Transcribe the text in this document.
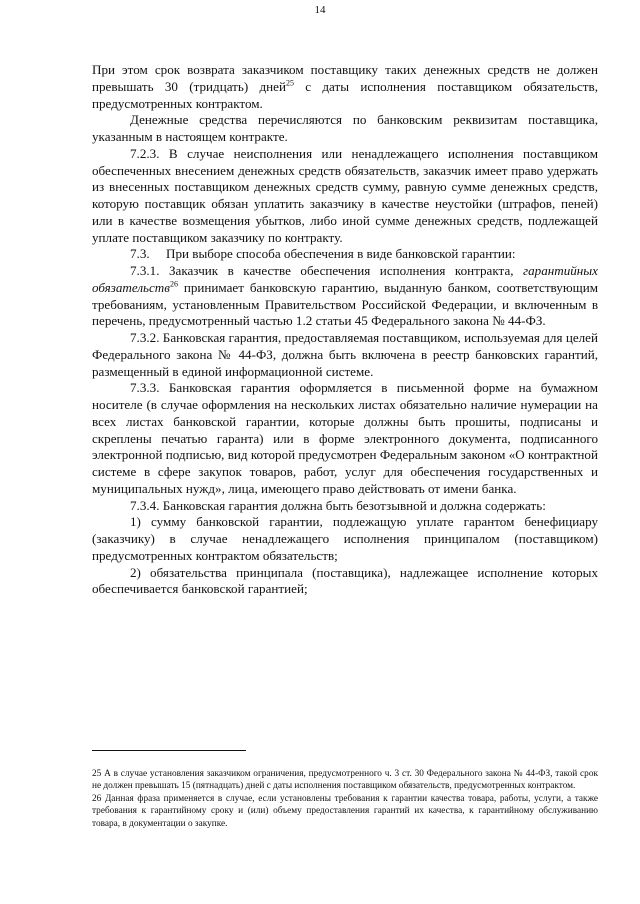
14

При этом срок возврата заказчиком поставщику таких денежных средств не должен превышать 30 (тридцать) дней$^{25}$ с даты исполнения поставщиком обязательств, предусмотренных контрактом.

Денежные средства перечисляются по банковским реквизитам поставщика, указанным в настоящем контракте.

7.2.3. В случае неисполнения или ненадлежащего исполнения поставщиком обеспеченных внесением денежных средств обязательств, заказчик имеет право удержать из внесенных поставщиком денежных средств сумму, равную сумме денежных средств, которую поставщик обязан уплатить заказчику в качестве неустойки (штрафов, пеней) или в качестве возмещения убытков, либо иной сумме денежных средств, подлежащей уплате поставщиком заказчику по контракту.

7.3.     При выборе способа обеспечения в виде банковской гарантии:

7.3.1. Заказчик в качестве обеспечения исполнения контракта, гарантийных обязательств$^{26}$ принимает банковскую гарантию, выданную банком, соответствующим требованиям, установленным Правительством Российской Федерации, и включенным в перечень, предусмотренный частью 1.2 статьи 45 Федерального закона № 44-ФЗ.

7.3.2. Банковская гарантия, предоставляемая поставщиком, используемая для целей Федерального закона № 44-ФЗ, должна быть включена в реестр банковских гарантий, размещенный в единой информационной системе.

7.3.3. Банковская гарантия оформляется в письменной форме на бумажном носителе (в случае оформления на нескольких листах обязательно наличие нумерации на всех листах банковской гарантии, которые должны быть прошиты, подписаны и скреплены печатью гаранта) или в форме электронного документа, подписанного электронной подписью, вид которой предусмотрен Федеральным законом «О контрактной системе в сфере закупок товаров, работ, услуг для обеспечения государственных и муниципальных нужд», лица, имеющего право действовать от имени банка.

7.3.4. Банковская гарантия должна быть безотзывной и должна содержать:

1) сумму банковской гарантии, подлежащую уплате гарантом бенефициару (заказчику) в случае ненадлежащего исполнения принципалом (поставщиком) предусмотренных контрактом обязательств;

2) обязательства принципала (поставщика), надлежащее исполнение которых обеспечивается банковской гарантией;

25 А в случае установления заказчиком ограничения, предусмотренного ч. 3 ст. 30 Федерального закона № 44-ФЗ, такой срок не должен превышать 15 (пятнадцать) дней с даты исполнения поставщиком обязательств, предусмотренных контрактом.

26 Данная фраза применяется в случае, если установлены требования к гарантии качества товара, работы, услуги, а также требования к гарантийному сроку и (или) объему предоставления гарантий их качества, к гарантийному обслуживанию товара, в документации о закупке.
